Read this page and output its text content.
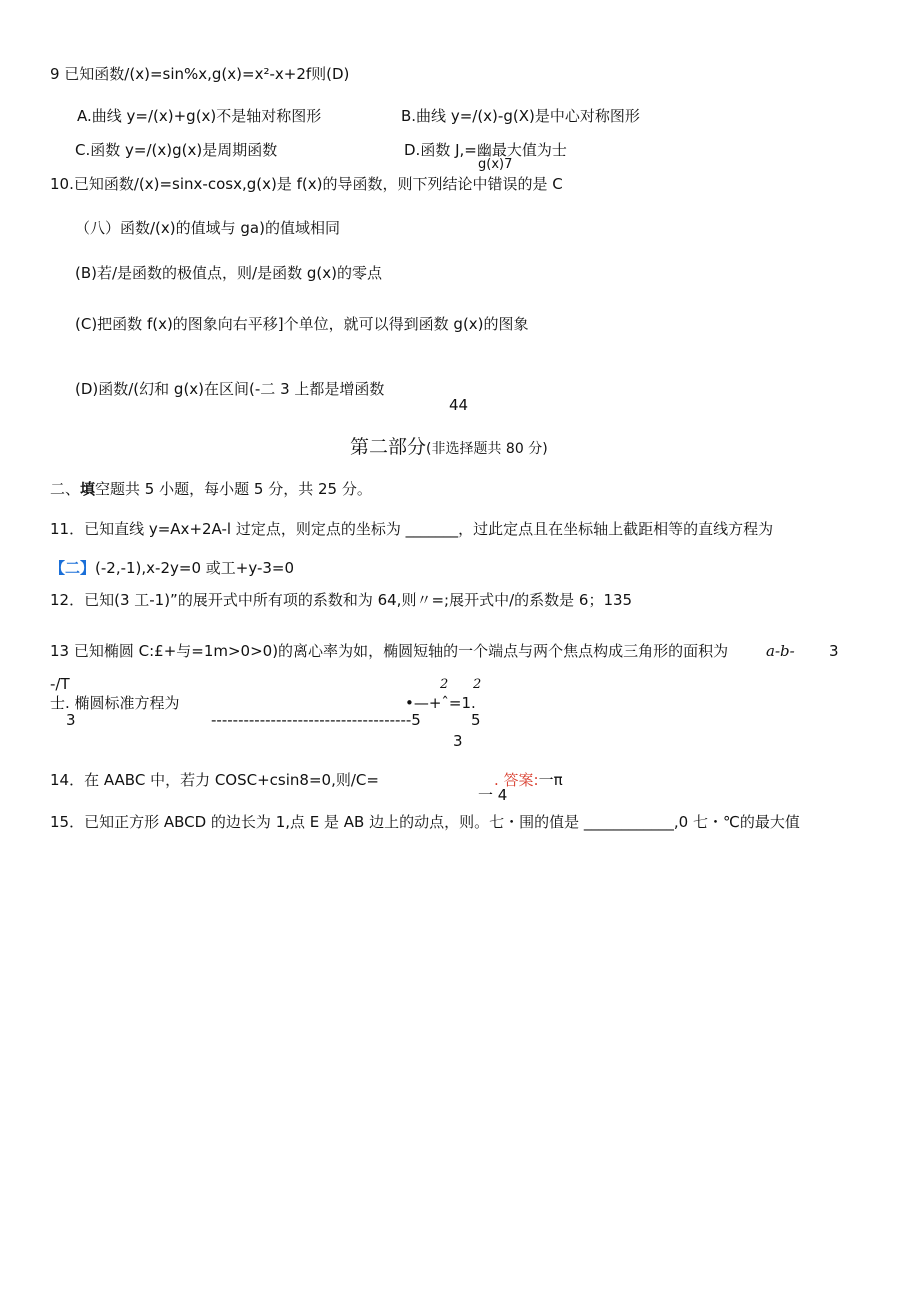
9 已知函数/(x)=sin%x,g(x)=x²-x+2f则(D)
A.曲线 y=/(x)+g(x)不是轴对称图形	B.曲线 y=/(x)-g(X)是中心对称图形
C.函数 y=/(x)g(x)是周期函数	D.函数 J,=幽最大值为士
g(x)7
10.已知函数/(x)=sinx-cosx,g(x)是 f(x)的导函数，则下列结论中错误的是 C
（八）函数/(x)的值域与 ga)的值域相同
(B)若/是函数的极值点，则/是函数 g(x)的零点
(C)把函数 f(x)的图象向右平移]个单位，就可以得到函数 g(x)的图象
(D)函数/(幻和 g(x)在区间(-二 3 上都是增函数
44
第二部分(非选择题共 80 分)
二、填空题共 5 小题，每小题 5 分，共 25 分。
11．已知直线 y=Ax+2A-l 过定点，则定点的坐标为 _______，过此定点且在坐标轴上截距相等的直线方程为
【二】(-2,-1),x-2y=0 或工+y-3=0
12．已知(3 工-1)”的展开式中所有项的系数和为 64,则〃=;展开式中/的系数是 6；135
13 已知椭圆 C:£+与=1m>0>0)的离心率为如，椭圆短轴的一个端点与两个焦点构成三角形的面积为	a-b- 3
-/T	2 2
士. 椭圆标准方程为	•—+ˆ=1.
-------------------------------------5	5
3
3
14．在 AABC 中，若力 COSC+csin8=0,则/C=	. 答案:一π
一 4
15．已知正方形 ABCD 的边长为 1,点 E 是 AB 边上的动点，则。七・围的值是 ____________,0 七・℃的最大值
